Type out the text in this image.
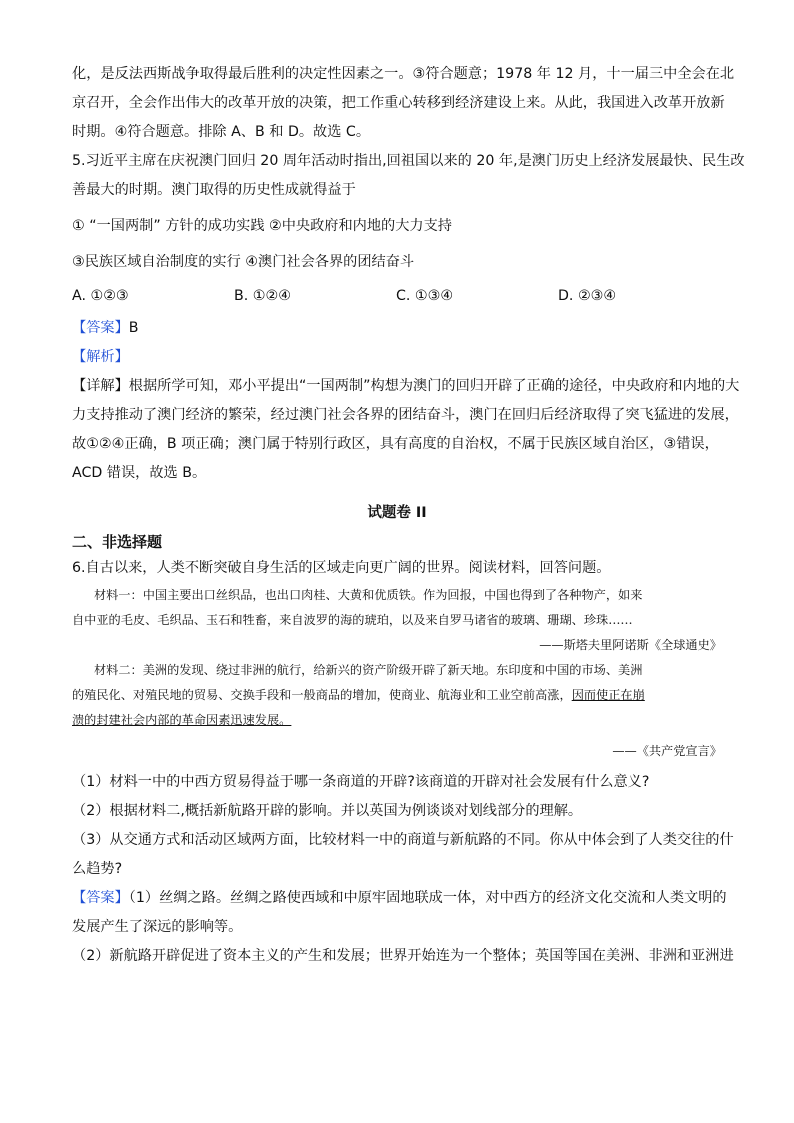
化，是反法西斯战争取得最后胜利的决定性因素之一。③符合题意；1978 年 12 月，十一届三中全会在北

京召开，全会作出伟大的改革开放的决策，把工作重心转移到经济建设上来。从此，我国进入改革开放新

时期。④符合题意。排除 A、B 和 D。故选 C。

5.习近平主席在庆祝澳门回归 20 周年活动时指出,回祖国以来的 20 年,是澳门历史上经济发展最快、民生改

善最大的时期。澳门取得的历史性成就得益于

① “一国两制” 方针的成功实践 ②中央政府和内地的大力支持

③民族区域自治制度的实行 ④澳门社会各界的团结奋斗

A. ①②③	B. ①②④	C. ①③④	D. ②③④

【答案】B

【解析】

【详解】根据所学可知，邓小平提出“一国两制”构想为澳门的回归开辟了正确的途径，中央政府和内地的大

力支持推动了澳门经济的繁荣，经过澳门社会各界的团结奋斗，澳门在回归后经济取得了突飞猛进的发展，

故①②④正确，B 项正确；澳门属于特别行政区，具有高度的自治权，不属于民族区域自治区，③错误，

ACD 错误，故选 B。

试题卷 II
二、非选择题

6.自古以来，人类不断突破自身生活的区域走向更广阔的世界。阅读材料，回答问题。

材料一：中国主要出口丝织品，也出口肉桂、大黄和优质铁。作为回报，中国也得到了各种物产，如来
自中亚的毛皮、毛织品、玉石和牲畜，来自波罗的海的琥珀，以及来自罗马诸省的玻璃、珊瑚、珍珠……
——斯塔夫里阿诺斯《全球通史》
材料二：美洲的发现、绕过非洲的航行，给新兴的资产阶级开辟了新天地。东印度和中国的市场、美洲
的殖民化、对殖民地的贸易、交换手段和一般商品的增加，使商业、航海业和工业空前高涨，因而使正在崩
溃的封建社会内部的革命因素迅速发展。
——《共产党宣言》

（1）材料一中的中西方贸易得益于哪一条商道的开辟?该商道的开辟对社会发展有什么意义?

（2）根据材料二,概括新航路开辟的影响。并以英国为例谈谈对划线部分的理解。

（3）从交通方式和活动区域两方面，比较材料一中的商道与新航路的不同。你从中体会到了人类交往的什

么趋势?

【答案】（1）丝绸之路。丝绸之路使西域和中原牢固地联成一体，对中西方的经济文化交流和人类文明的

发展产生了深远的影响等。

（2）新航路开辟促进了资本主义的产生和发展；世界开始连为一个整体；英国等国在美洲、非洲和亚洲进
